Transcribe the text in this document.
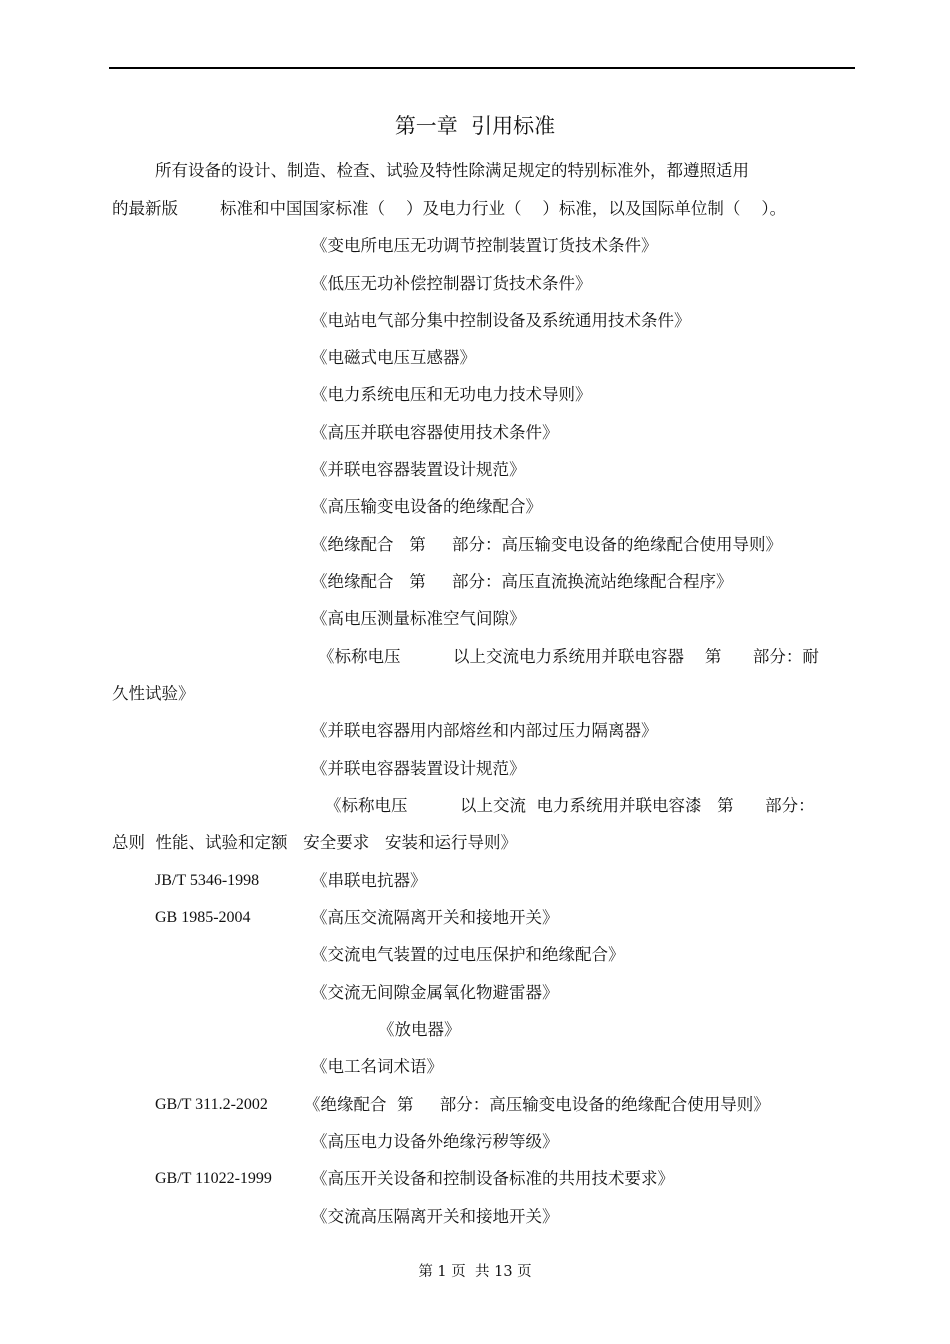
第一章  引用标准
所有设备的设计、制造、检查、试验及特性除满足规定的特别标准外，都遵照适用
的最新版        标准和中国国家标准（    ）及电力行业（    ）标准，以及国际单位制（    ）。
《变电所电压无功调节控制装置订货技术条件》
《低压无功补偿控制器订货技术条件》
《电站电气部分集中控制设备及系统通用技术条件》
《电磁式电压互感器》
《电力系统电压和无功电力技术导则》
《高压并联电容器使用技术条件》
《并联电容器装置设计规范》
《高压输变电设备的绝缘配合》
《绝缘配合   第     部分：高压输变电设备的绝缘配合使用导则》
《绝缘配合   第     部分：高压直流换流站绝缘配合程序》
《高电压测量标准空气间隙》
《标称电压          以上交流电力系统用并联电容器    第      部分：耐
久性试验》
《并联电容器用内部熔丝和内部过压力隔离器》
《并联电容器装置设计规范》
《标称电压          以上交流  电力系统用并联电容漆   第      部分：
总则  性能、试验和定额   安全要求   安装和运行导则》
JB/T 5346-1998	《串联电抗器》
GB 1985-2004	《高压交流隔离开关和接地开关》
《交流电气装置的过电压保护和绝缘配合》
《交流无间隙金属氧化物避雷器》
《放电器》
《电工名词术语》
GB/T 311.2-2002 《绝缘配合  第     部分：高压输变电设备的绝缘配合使用导则》
《高压电力设备外绝缘污秽等级》
GB/T 11022-1999 《高压开关设备和控制设备标准的共用技术要求》
《交流高压隔离开关和接地开关》
第 1 页  共 13 页
